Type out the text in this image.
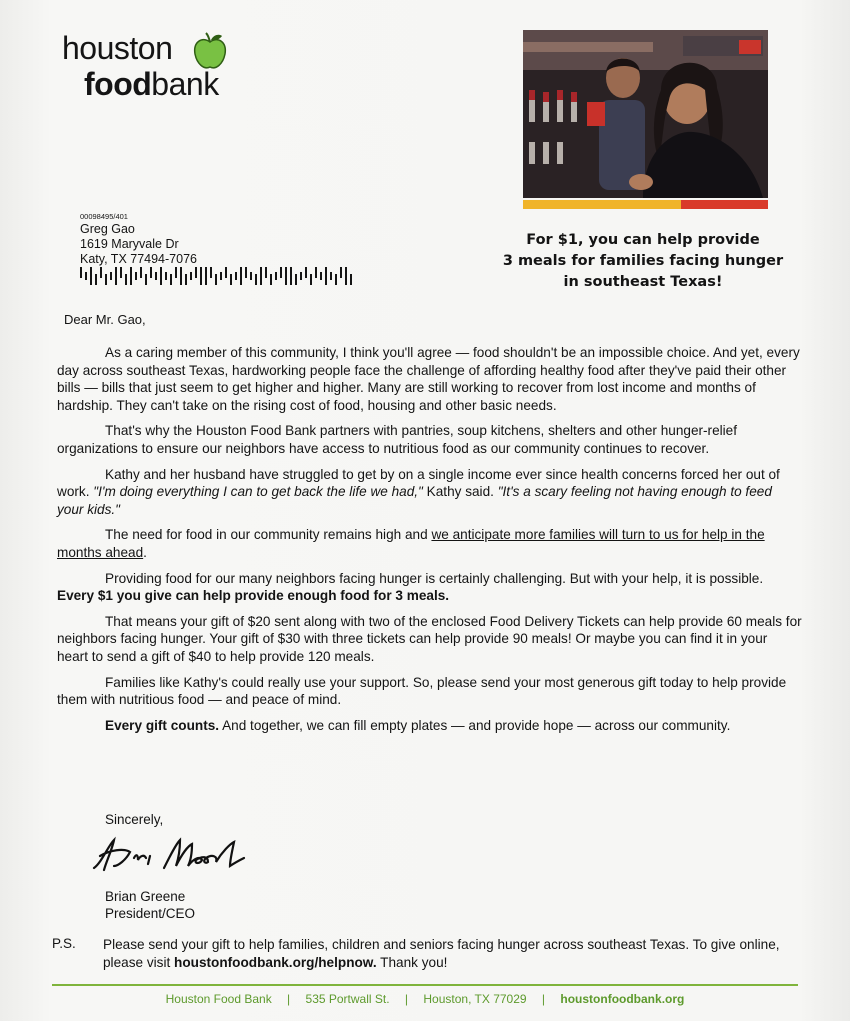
houston
foodbank
For $1, you can help provide
3 meals for families facing hunger
in southeast Texas!
00098495/401
Greg Gao
1619 Maryvale Dr
Katy, TX 77494-7076
Dear Mr. Gao,

As a caring member of this community, I think you'll agree — food shouldn't be an impossible choice. And yet, every day across southeast Texas, hardworking people face the challenge of affording healthy food after they've paid their other bills — bills that just seem to get higher and higher. Many are still working to recover from lost income and months of hardship. They can't take on the rising cost of food, housing and other basic needs.

That's why the Houston Food Bank partners with pantries, soup kitchens, shelters and other hunger-relief organizations to ensure our neighbors have access to nutritious food as our community continues to recover.

Kathy and her husband have struggled to get by on a single income ever since health concerns forced her out of work. "I'm doing everything I can to get back the life we had," Kathy said. "It's a scary feeling not having enough to feed your kids."

The need for food in our community remains high and we anticipate more families will turn to us for help in the months ahead.

Providing food for our many neighbors facing hunger is certainly challenging. But with your help, it is possible. Every $1 you give can help provide enough food for 3 meals.

That means your gift of $20 sent along with two of the enclosed Food Delivery Tickets can help provide 60 meals for neighbors facing hunger. Your gift of $30 with three tickets can help provide 90 meals! Or maybe you can find it in your heart to send a gift of $40 to help provide 120 meals.

Families like Kathy's could really use your support. So, please send your most generous gift today to help provide them with nutritious food — and peace of mind.

Every gift counts. And together, we can fill empty plates — and provide hope — across our community.

Sincerely,
Brian Greene
President/CEO
P.S. Please send your gift to help families, children and seniors facing hunger across southeast Texas. To give online, please visit houstonfoodbank.org/helpnow. Thank you!
Houston Food Bank | 535 Portwall St. | Houston, TX 77029 | houstonfoodbank.org
